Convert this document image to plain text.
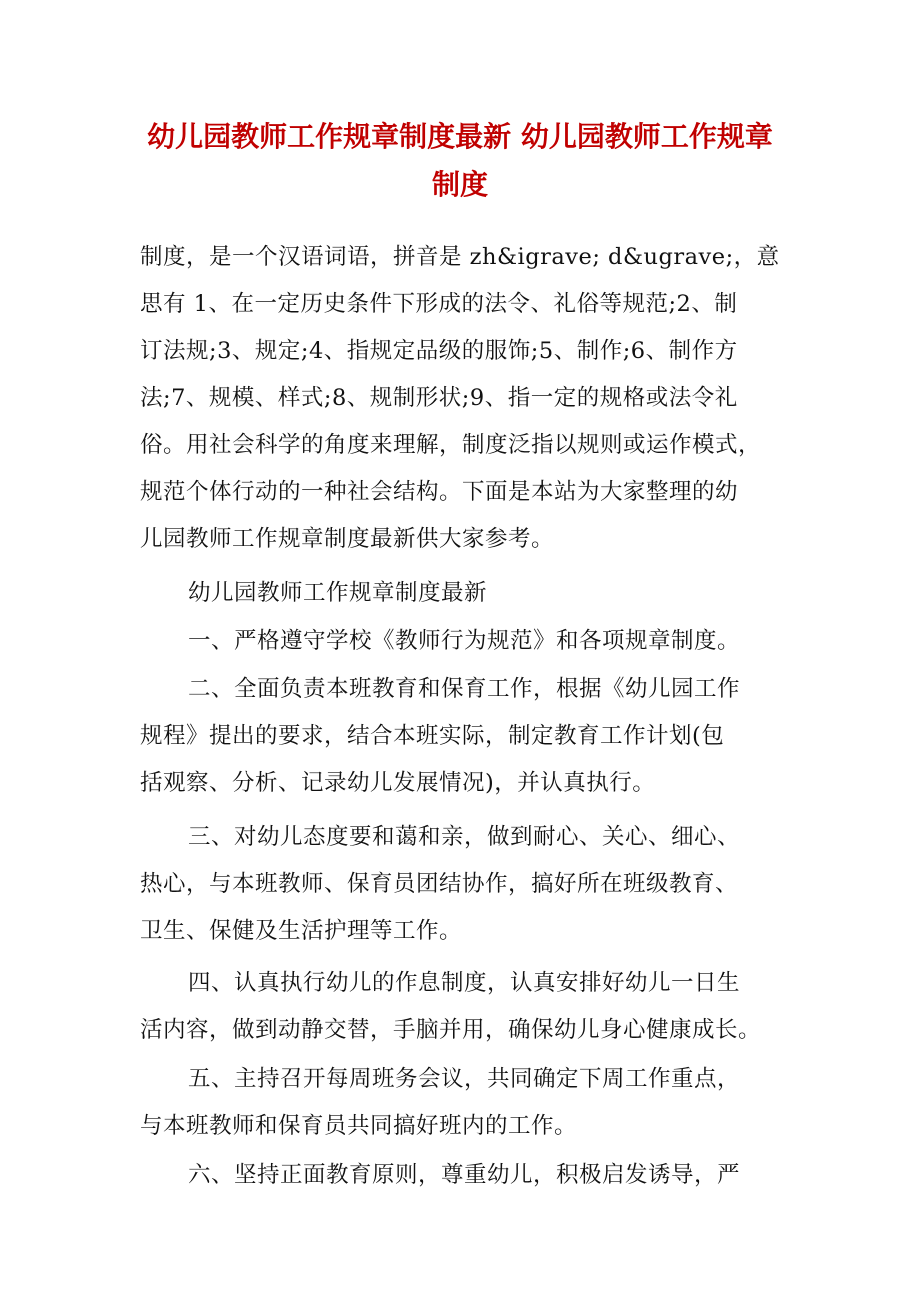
幼儿园教师工作规章制度最新 幼儿园教师工作规章
制度
制度，是一个汉语词语，拼音是 zh&igrave; d&ugrave;，意
思有 1、在一定历史条件下形成的法令、礼俗等规范;2、制
订法规;3、规定;4、指规定品级的服饰;5、制作;6、制作方
法;7、规模、样式;8、规制形状;9、指一定的规格或法令礼
俗。用社会科学的角度来理解，制度泛指以规则或运作模式，
规范个体行动的一种社会结构。下面是本站为大家整理的幼
儿园教师工作规章制度最新供大家参考。
幼儿园教师工作规章制度最新
一、严格遵守学校《教师行为规范》和各项规章制度。
二、全面负责本班教育和保育工作，根据《幼儿园工作
规程》提出的要求，结合本班实际，制定教育工作计划(包
括观察、分析、记录幼儿发展情况)，并认真执行。
三、对幼儿态度要和蔼和亲，做到耐心、关心、细心、
热心，与本班教师、保育员团结协作，搞好所在班级教育、
卫生、保健及生活护理等工作。
四、认真执行幼儿的作息制度，认真安排好幼儿一日生
活内容，做到动静交替，手脑并用，确保幼儿身心健康成长。
五、主持召开每周班务会议，共同确定下周工作重点，
与本班教师和保育员共同搞好班内的工作。
六、坚持正面教育原则，尊重幼儿，积极启发诱导，严
